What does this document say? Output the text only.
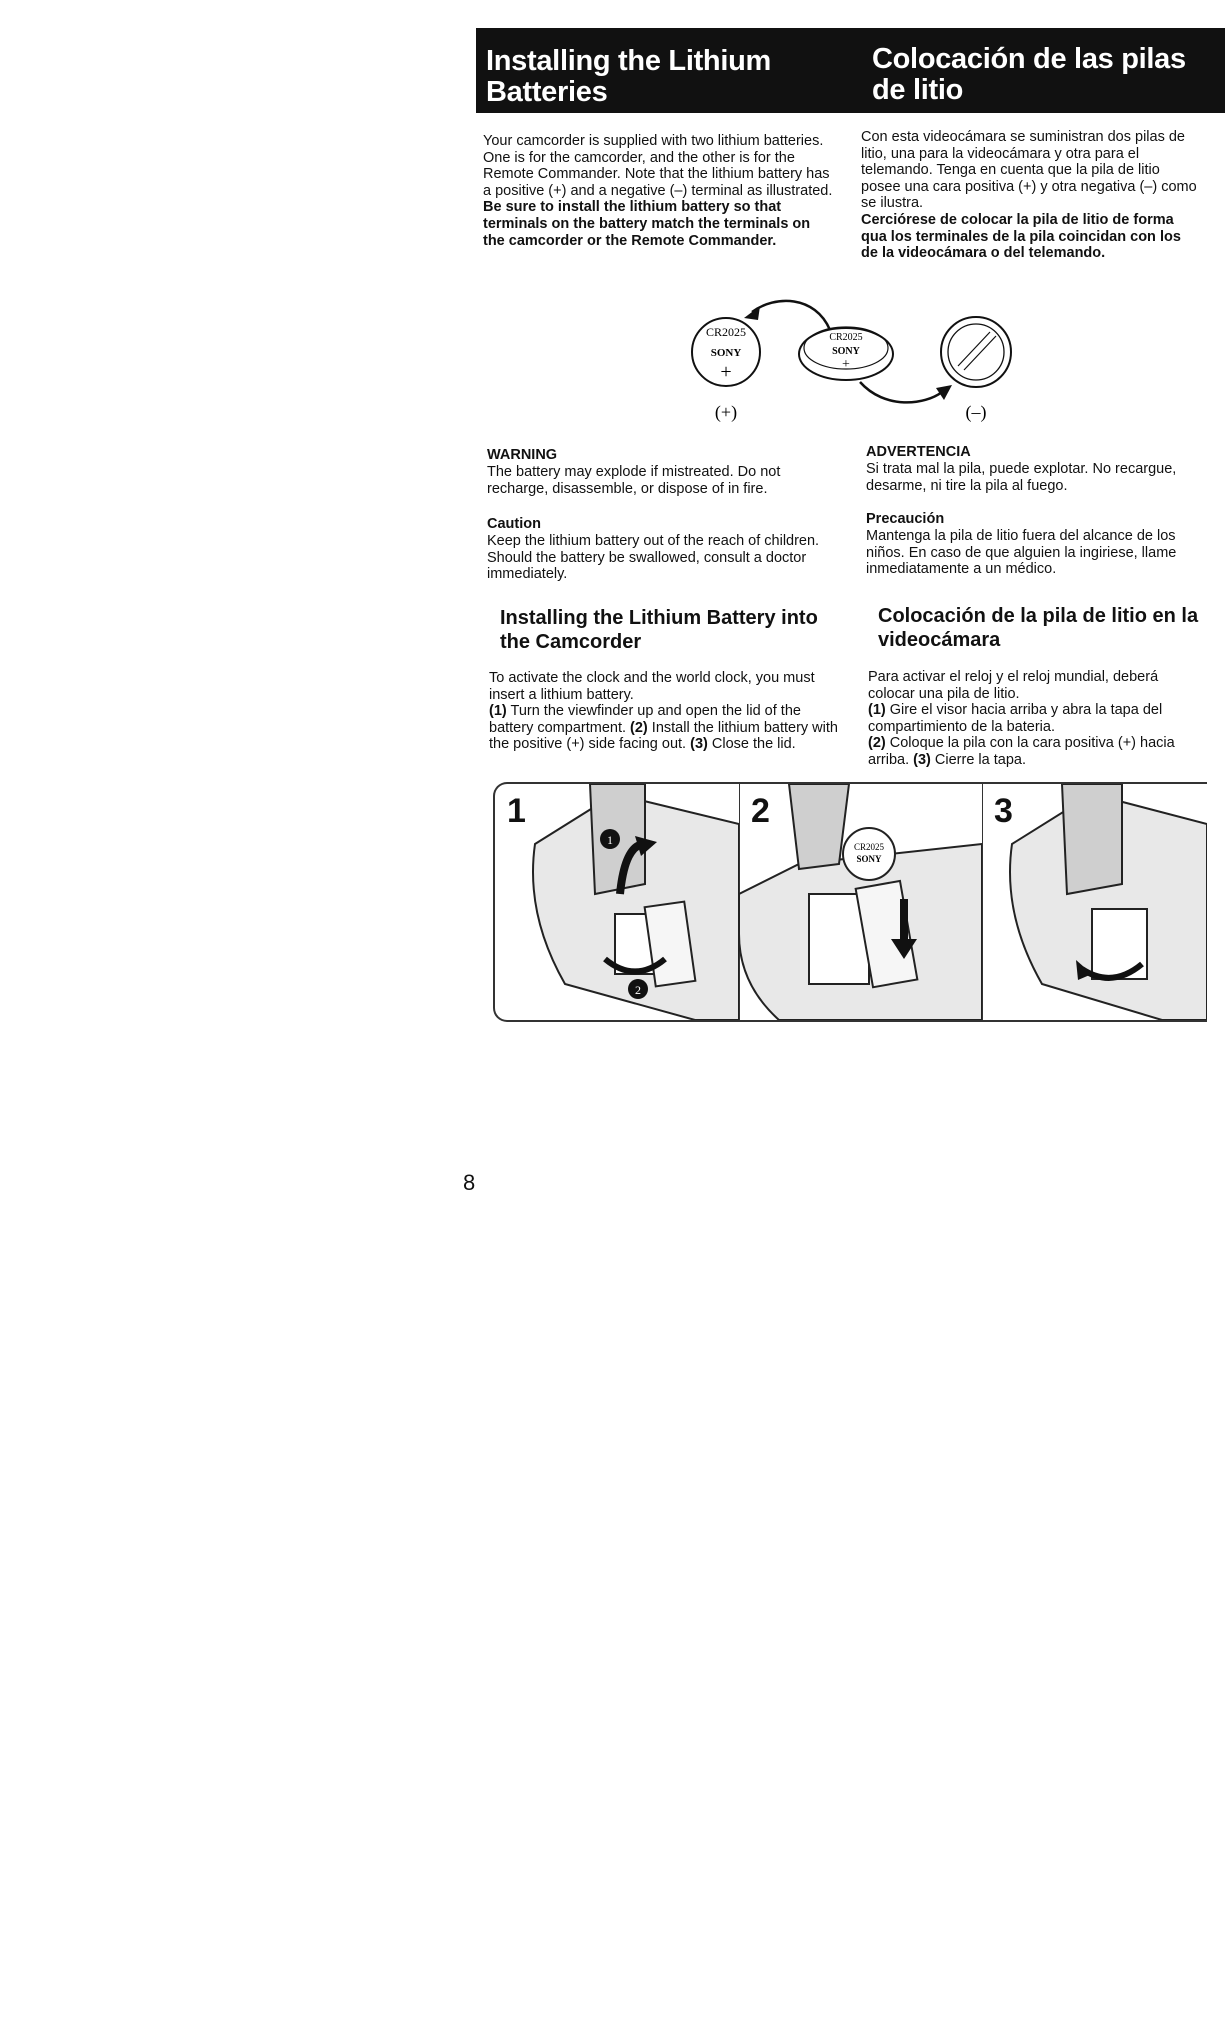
Installing the Lithium
Batteries
Colocación de las pilas
de litio
Your camcorder is supplied with two lithium batteries. One is for the camcorder, and the other is for the Remote Commander. Note that the lithium battery has a positive (+) and a negative (–) terminal as illustrated.
Be sure to install the lithium battery so that terminals on the battery match the terminals on the camcorder or the Remote Commander.
Con esta videocámara se suministran dos pilas de litio, una para la videocámara y otra para el telemando. Tenga en cuenta que la pila de litio posee una cara positiva (+) y otra negativa (–) como se ilustra.
Cerciórese de colocar la pila de litio de forma qua los terminales de la pila coincidan con los de la videocámara o del telemando.
CR2025
SONY
+
(+)
CR2025
SONY
+
(–)
WARNING
The battery may explode if mistreated. Do not recharge, disassemble, or dispose of in fire.
ADVERTENCIA
Si trata mal la pila, puede explotar. No recargue, desarme, ni tire la pila al fuego.
Caution
Keep the lithium battery out of the reach of children. Should the battery be swallowed, consult a doctor immediately.
Precaución
Mantenga la pila de litio fuera del alcance de los niños. En caso de que alguien la ingiriese, llame inmediatamente a un médico.
Installing the Lithium Battery into
the Camcorder
Colocación de la pila de litio en la
videocámara
To activate the clock and the world clock, you must insert a lithium battery.
(1) Turn the viewfinder up and open the lid of the battery compartment. (2) Install the lithium battery with the positive (+) side facing out. (3) Close the lid.
Para activar el reloj y el reloj mundial, deberá colocar una pila de litio.
(1) Gire el visor hacia arriba y abra la tapa del compartimiento de la bateria.
(2) Coloque la pila con la cara positiva (+) hacia arriba. (3) Cierre la tapa.
1
2
1
CR2025
SONY
2	3
8
